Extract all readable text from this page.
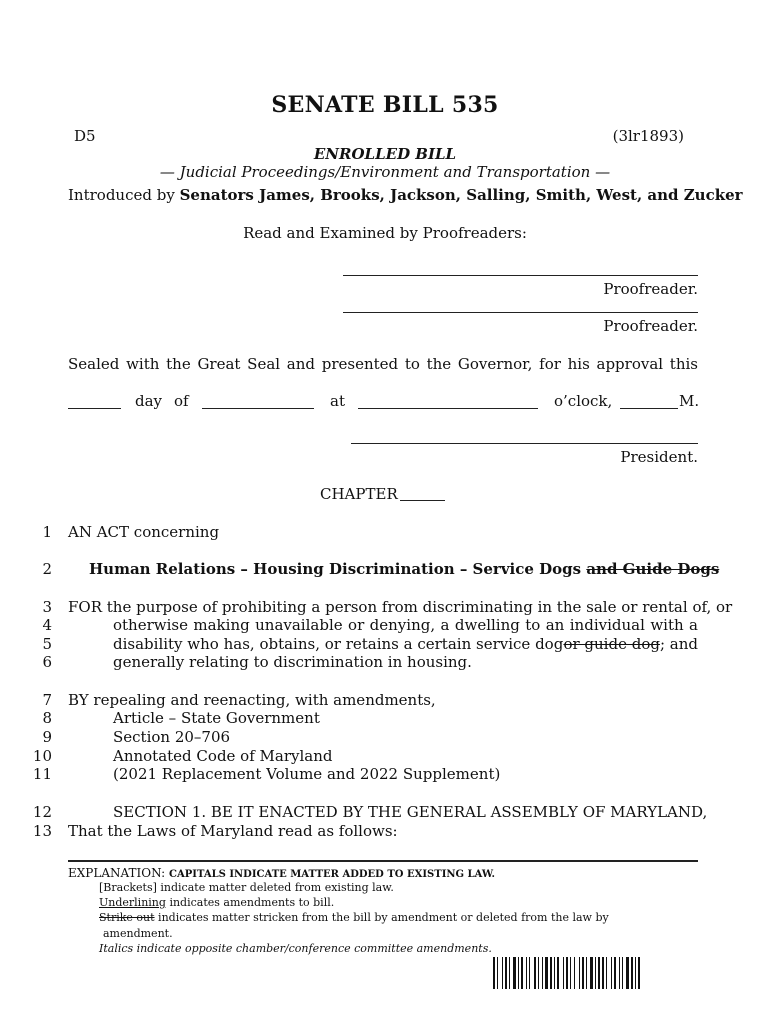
SENATE BILL 535
D5	(3lr1893)
ENROLLED BILL
— Judicial Proceedings/Environment and Transportation —
Introduced by Senators James, Brooks, Jackson, Salling, Smith, West, and Zucker
Read and Examined by Proofreaders:
Proofreader.
Proofreader.
Sealed with the Great Seal and presented to the Governor, for his approval this
day of	at	o’clock,	M.
President.
CHAPTER
1
2
3
4
5
6
7
8
9
10
11
12
13
AN ACT concerning
Human Relations – Housing Discrimination – Service Dogs and Guide Dogs
FOR the purpose of prohibiting a person from discriminating in the sale or rental of, or
otherwise making unavailable or denying, a dwelling to an individual with a
disability who has, obtains, or retains a certain service dog or guide dog; and
generally relating to discrimination in housing.
BY repealing and reenacting, with amendments,
Article – State Government
Section 20–706
Annotated Code of Maryland
(2021 Replacement Volume and 2022 Supplement)
SECTION 1. BE IT ENACTED BY THE GENERAL ASSEMBLY OF MARYLAND,
That the Laws of Maryland read as follows:
EXPLANATION: CAPITALS INDICATE MATTER ADDED TO EXISTING LAW.
[Brackets] indicate matter deleted from existing law.
Underlining indicates amendments to bill.
Strike out indicates matter stricken from the bill by amendment or deleted from the law by
amendment.
Italics indicate opposite chamber/conference committee amendments.
